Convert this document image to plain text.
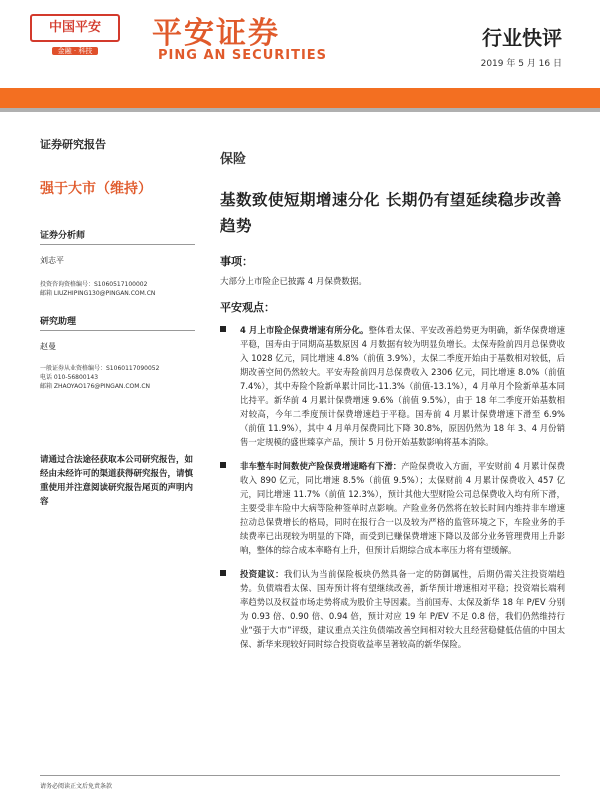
中国平安
金融 · 科技	平安证券
PING AN SECURITIES
行业快评
2019 年 5 月 16 日
证券研究报告
强于大市（维持）
证券分析师
刘志平
投资咨询资格编号：S1060517100002
邮箱 LIUZHIPING130@PINGAN.COM.CN
研究助理
赵曼
一般证券从业资格编号：S1060117090052
电话 010-56800143
邮箱 ZHAOYAO176@PINGAN.COM.CN
请通过合法途径获取本公司研究报告，如经由未经许可的渠道获得研究报告，请慎重使用并注意阅读研究报告尾页的声明内容
保险
基数致使短期增速分化 长期仍有望延续稳步改善趋势
事项：
大部分上市险企已披露 4 月保费数据。
平安观点：
4 月上市险企保费增速有所分化。整体看太保、平安改善趋势更为明确，新华保费增速平稳，国寿由于同期高基数原因 4 月数据有较为明显负增长。太保寿险前四月总保费收入 1028 亿元，同比增速 4.8%（前值 3.9%），太保二季度开始由于基数相对较低，后期改善空间仍然较大。平安寿险前四月总保费收入 2306 亿元，同比增速 8.0%（前值 7.4%），其中寿险个险新单累计同比-11.3%（前值-13.1%），4 月单月个险新单基本同比持平。新华前 4 月累计保费增速 9.6%（前值 9.5%），由于 18 年二季度开始基数相对较高，今年二季度预计保费增速趋于平稳。国寿前 4 月累计保费增速下滑至 6.9%（前值 11.9%），其中 4 月单月保费同比下降 30.8%，原因仍然为 18 年 3、4 月份销售一定规模的盛世臻享产品，预计 5 月份开始基数影响将基本消除。
非车整车时间数使产险保费增速略有下滑：产险保费收入方面，平安财前 4 月累计保费收入 890 亿元，同比增速 8.5%（前值 9.5%）；太保财前 4 月累计保费收入 457 亿元，同比增速 11.7%（前值 12.3%），预计其他大型财险公司总保费收入均有所下滑，主要受非车险中大病等险种签单时点影响。产险业务仍然将在较长时间内维持非车增速拉动总保费增长的格局，同时在报行合一以及较为严格的监管环境之下，车险业务的手续费率已出现较为明显的下降，而受到已赚保费增速下降以及部分业务管理费用上升影响，整体的综合成本率略有上升，但预计后期综合成本率压力将有望缓解。
投资建议：我们认为当前保险板块仍然具备一定的防御属性，后期仍需关注投资端趋势。负债端看太保、国寿预计将有望继续改善，新华预计增速相对平稳；投资端长端利率趋势以及权益市场走势将成为股价主导因素。当前国寿、太保及新华 18 年 P/EV 分别为 0.93 倍、0.90 倍、0.94 倍，预计对应 19 年 P/EV 不足 0.8 倍，我们仍然维持行业“强于大市”评级，建议重点关注负债端改善空间相对较大且经营稳健低估值的中国太保、新华来现较好同时综合投资收益率呈著较高的新华保险。
请务必阅读正文后免责条款
